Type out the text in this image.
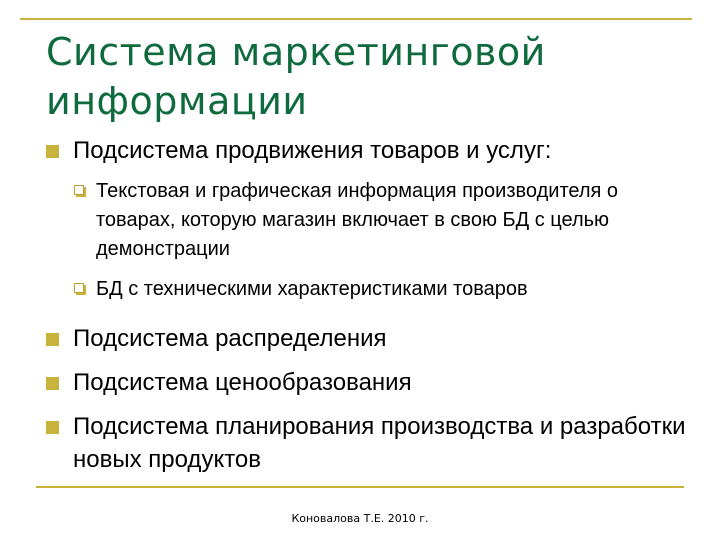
Система маркетинговой информации
Подсистема продвижения товаров и услуг:
Текстовая и графическая информация производителя о товарах, которую магазин включает в свою БД с целью демонстрации
БД с техническими характеристиками товаров
Подсистема распределения
Подсистема ценообразования
Подсистема планирования производства и разработки новых продуктов
Коновалова Т.Е. 2010 г.
